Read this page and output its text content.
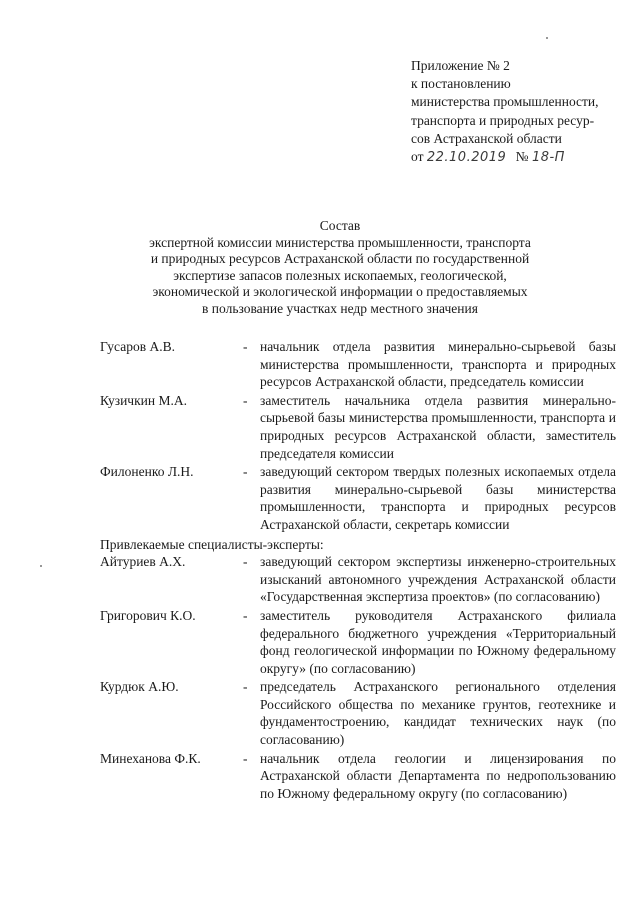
Приложение № 2
к постановлению
министерства промышленности,
транспорта и природных ресур-
сов Астраханской области
от 22.10.2019 № 18-П
Состав
экспертной комиссии министерства промышленности, транспорта
и природных ресурсов Астраханской области по государственной
экспертизе запасов полезных ископаемых, геологической,
экономической и экологической информации о предоставляемых
в пользование участках недр местного значения
Гусаров А.В.	- начальник отдела развития минерально-сырьевой базы министерства промышленности, транспорта и природных ресурсов Астраханской области, председатель комиссии
Кузичкин М.А.	- заместитель начальника отдела развития минерально-сырьевой базы министерства промышленности, транспорта и природных ресурсов Астраханской области, заместитель председателя комиссии
Филоненко Л.Н.	- заведующий сектором твердых полезных ископаемых отдела развития минерально-сырьевой базы министерства промышленности, транспорта и природных ресурсов Астраханской области, секретарь комиссии
Привлекаемые специалисты-эксперты:
Айтуриев А.Х.	- заведующий сектором экспертизы инженерно-строительных изысканий автономного учреждения Астраханской области «Государственная экспертиза проектов» (по согласованию)
Григорович К.О.	- заместитель руководителя Астраханского филиала федерального бюджетного учреждения «Территориальный фонд геологической информации по Южному федеральному округу» (по согласованию)
Курдюк А.Ю.	- председатель Астраханского регионального отделения Российского общества по механике грунтов, геотехнике и фундаментостроению, кандидат технических наук (по согласованию)
Минеханова Ф.К.	- начальник отдела геологии и лицензирования по Астраханской области Департамента по недропользованию по Южному федеральному округу (по согласованию)
